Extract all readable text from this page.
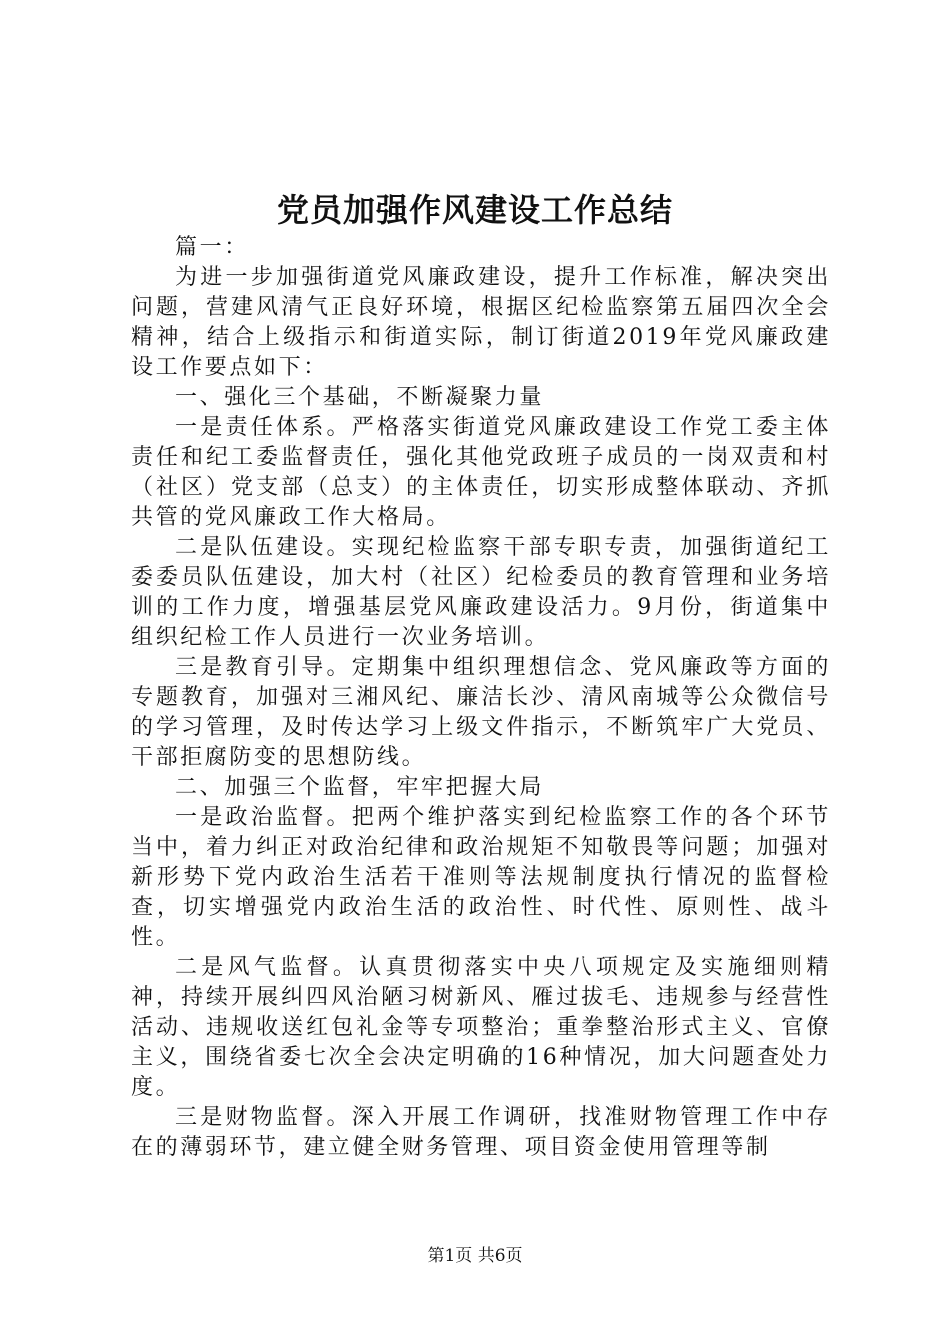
党员加强作风建设工作总结

篇一：

为进一步加强街道党风廉政建设，提升工作标准，解决突出问题，营建风清气正良好环境，根据区纪检监察第五届四次全会精神，结合上级指示和街道实际，制订街道2019年党风廉政建设工作要点如下：

一、强化三个基础，不断凝聚力量

一是责任体系。严格落实街道党风廉政建设工作党工委主体责任和纪工委监督责任，强化其他党政班子成员的一岗双责和村（社区）党支部（总支）的主体责任，切实形成整体联动、齐抓共管的党风廉政工作大格局。

二是队伍建设。实现纪检监察干部专职专责，加强街道纪工委委员队伍建设，加大村（社区）纪检委员的教育管理和业务培训的工作力度，增强基层党风廉政建设活力。9月份，街道集中组织纪检工作人员进行一次业务培训。

三是教育引导。定期集中组织理想信念、党风廉政等方面的专题教育，加强对三湘风纪、廉洁长沙、清风南城等公众微信号的学习管理，及时传达学习上级文件指示，不断筑牢广大党员、干部拒腐防变的思想防线。

二、加强三个监督，牢牢把握大局

一是政治监督。把两个维护落实到纪检监察工作的各个环节当中，着力纠正对政治纪律和政治规矩不知敬畏等问题；加强对新形势下党内政治生活若干准则等法规制度执行情况的监督检查，切实增强党内政治生活的政治性、时代性、原则性、战斗性。

二是风气监督。认真贯彻落实中央八项规定及实施细则精神，持续开展纠四风治陋习树新风、雁过拔毛、违规参与经营性活动、违规收送红包礼金等专项整治；重拳整治形式主义、官僚主义，围绕省委七次全会决定明确的16种情况，加大问题查处力度。

三是财物监督。深入开展工作调研，找准财物管理工作中存在的薄弱环节，建立健全财务管理、项目资金使用管理等制

第1页 共6页
